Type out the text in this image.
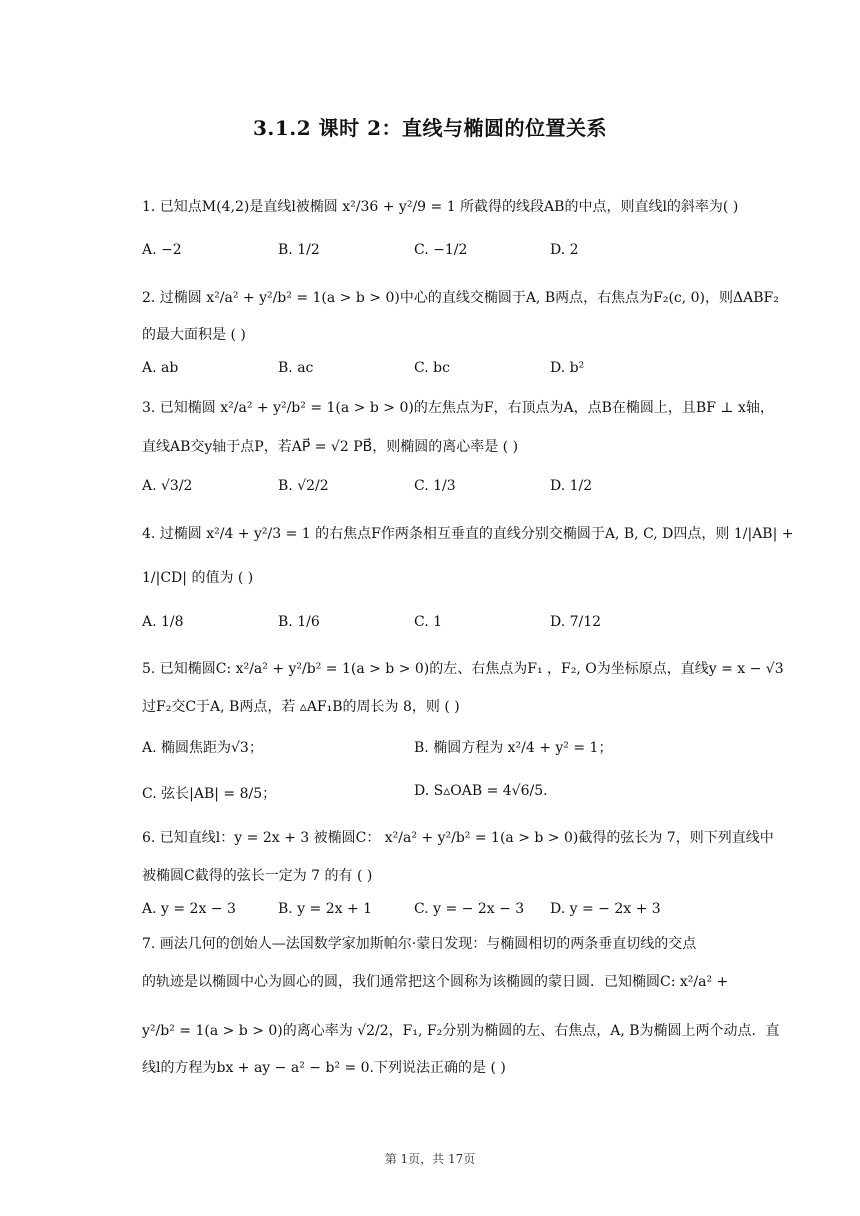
3.1.2 课时 2：直线与椭圆的位置关系
1. 已知点M(4,2)是直线l被椭圆 x²/36 + y²/9 = 1 所截得的线段AB的中点，则直线l的斜率为( )
A. −2	B. 1/2	C. −1/2	D. 2
2. 过椭圆 x²/a² + y²/b² = 1(a > b > 0)中心的直线交椭圆于A, B两点，右焦点为F₂(c, 0)，则ΔABF₂
的最大面积是 ( )
A. ab	B. ac	C. bc	D. b²
3. 已知椭圆 x²/a² + y²/b² = 1(a > b > 0)的左焦点为F，右顶点为A，点B在椭圆上，且BF ⊥ x轴，
直线AB交y轴于点P，若AP⃗ = √2 PB⃗，则椭圆的离心率是 ( )
A. √3/2	B. √2/2	C. 1/3	D. 1/2
4. 过椭圆 x²/4 + y²/3 = 1 的右焦点F作两条相互垂直的直线分别交椭圆于A, B, C, D四点，则 1/|AB| +
1/|CD| 的值为 ( )
A. 1/8	B. 1/6	C. 1	D. 7/12
5. 已知椭圆C: x²/a² + y²/b² = 1(a > b > 0)的左、右焦点为F₁ ，F₂, O为坐标原点，直线y = x − √3
过F₂交C于A, B两点，若 ▵AF₁B的周长为 8，则 ( )
A. 椭圆焦距为√3；	B. 椭圆方程为 x²/4 + y² = 1；
C. 弦长|AB| = 8/5；	D. S▵OAB = 4√6/5.
6. 已知直线l：y = 2x + 3 被椭圆C： x²/a² + y²/b² = 1(a > b > 0)截得的弦长为 7，则下列直线中
被椭圆C截得的弦长一定为 7 的有 ( )
A. y = 2x − 3	B. y = 2x + 1	C. y = − 2x − 3 D. y = − 2x + 3
7. 画法几何的创始人—法国数学家加斯帕尔·蒙日发现：与椭圆相切的两条垂直切线的交点
的轨迹是以椭圆中心为圆心的圆，我们通常把这个圆称为该椭圆的蒙日圆．已知椭圆C: x²/a² +
y²/b² = 1(a > b > 0)的离心率为 √2/2，F₁, F₂分别为椭圆的左、右焦点，A, B为椭圆上两个动点．直
线l的方程为bx + ay − a² − b² = 0.下列说法正确的是 ( )
第 1页，共 17页
